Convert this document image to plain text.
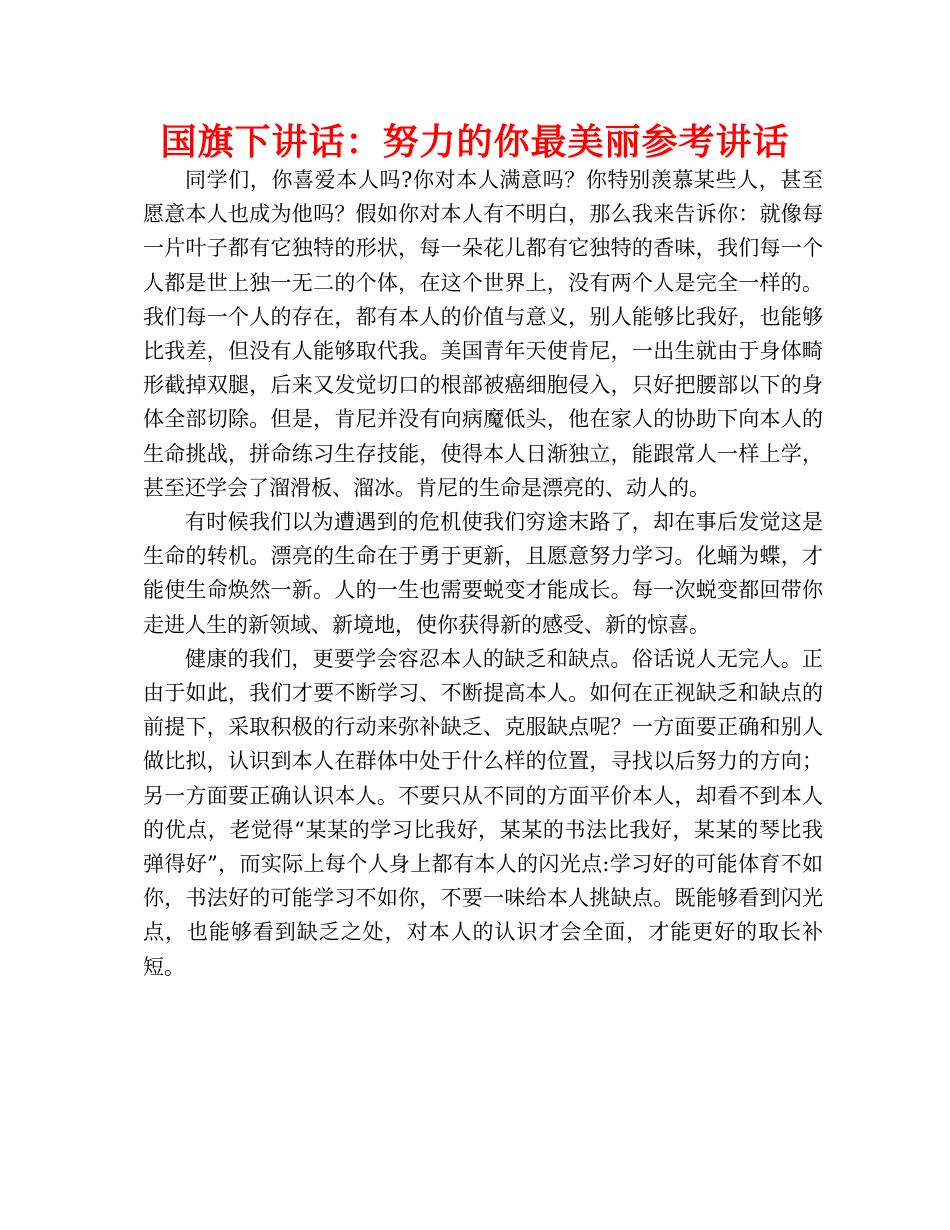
国旗下讲话：努力的你最美丽参考讲话

同学们，你喜爱本人吗?你对本人满意吗？你特别羡慕某些人，甚至愿意本人也成为他吗？假如你对本人有不明白，那么我来告诉你：就像每一片叶子都有它独特的形状，每一朵花儿都有它独特的香味，我们每一个人都是世上独一无二的个体，在这个世界上，没有两个人是完全一样的。我们每一个人的存在，都有本人的价值与意义，别人能够比我好，也能够比我差，但没有人能够取代我。美国青年天使肯尼，一出生就由于身体畸形截掉双腿，后来又发觉切口的根部被癌细胞侵入，只好把腰部以下的身体全部切除。但是，肯尼并没有向病魔低头，他在家人的协助下向本人的生命挑战，拼命练习生存技能，使得本人日渐独立，能跟常人一样上学，甚至还学会了溜滑板、溜冰。肯尼的生命是漂亮的、动人的。

有时候我们以为遭遇到的危机使我们穷途末路了，却在事后发觉这是生命的转机。漂亮的生命在于勇于更新，且愿意努力学习。化蛹为蝶，才能使生命焕然一新。人的一生也需要蜕变才能成长。每一次蜕变都回带你走进人生的新领域、新境地，使你获得新的感受、新的惊喜。

健康的我们，更要学会容忍本人的缺乏和缺点。俗话说人无完人。正由于如此，我们才要不断学习、不断提高本人。如何在正视缺乏和缺点的前提下，采取积极的行动来弥补缺乏、克服缺点呢？一方面要正确和别人做比拟，认识到本人在群体中处于什么样的位置，寻找以后努力的方向；另一方面要正确认识本人。不要只从不同的方面平价本人，却看不到本人的优点，老觉得“某某的学习比我好，某某的书法比我好，某某的琴比我弹得好”，而实际上每个人身上都有本人的闪光点:学习好的可能体育不如你，书法好的可能学习不如你，不要一味给本人挑缺点。既能够看到闪光点，也能够看到缺乏之处，对本人的认识才会全面，才能更好的取长补短。
